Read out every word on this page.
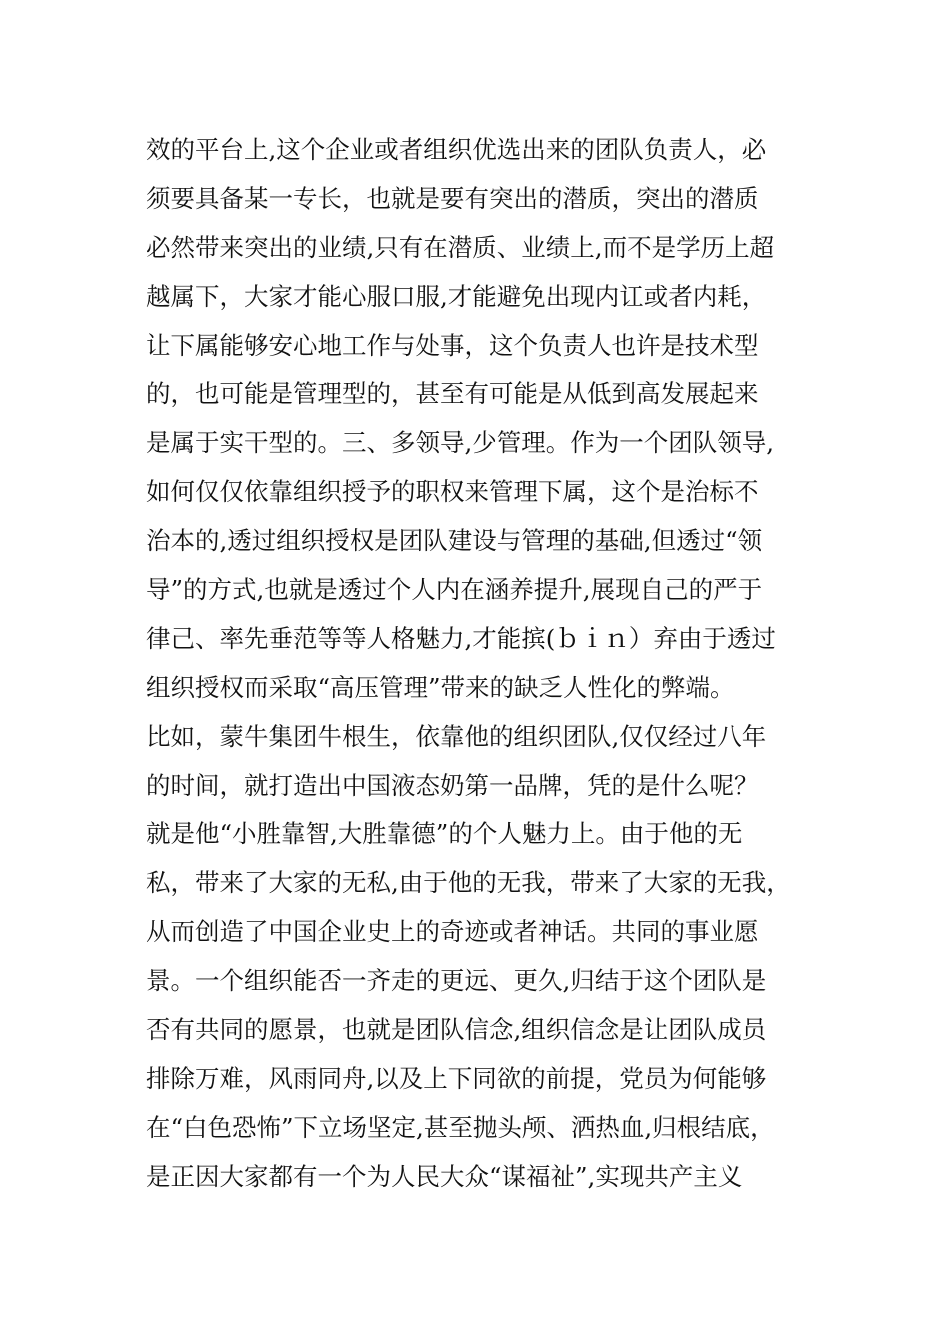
效的平台上,这个企业或者组织优选出来的团队负责人，必
须要具备某一专长，也就是要有突出的潜质，突出的潜质
必然带来突出的业绩,只有在潜质、业绩上,而不是学历上超
越属下，大家才能心服口服,才能避免出现内讧或者内耗，
让下属能够安心地工作与处事，这个负责人也许是技术型
的，也可能是管理型的，甚至有可能是从低到高发展起来
是属于实干型的。三、多领导,少管理。作为一个团队领导,
如何仅仅依靠组织授予的职权来管理下属，这个是治标不
治本的,透过组织授权是团队建设与管理的基础,但透过“领
导”的方式,也就是透过个人内在涵养提升,展现自己的严于
律己、率先垂范等等人格魅力,才能摈(ｂｉｎ）弃由于透过
组织授权而采取“高压管理”带来的缺乏人性化的弊端。
比如，蒙牛集团牛根生，依靠他的组织团队,仅仅经过八年
的时间，就打造出中国液态奶第一品牌，凭的是什么呢？
就是他“小胜靠智,大胜靠德”的个人魅力上。由于他的无
私，带来了大家的无私,由于他的无我，带来了大家的无我，
从而创造了中国企业史上的奇迹或者神话。共同的事业愿
景。一个组织能否一齐走的更远、更久,归结于这个团队是
否有共同的愿景，也就是团队信念,组织信念是让团队成员
排除万难，风雨同舟,以及上下同欲的前提，党员为何能够
在“白色恐怖”下立场坚定,甚至抛头颅、洒热血,归根结底，
是正因大家都有一个为人民大众“谋福祉”,实现共产主义
